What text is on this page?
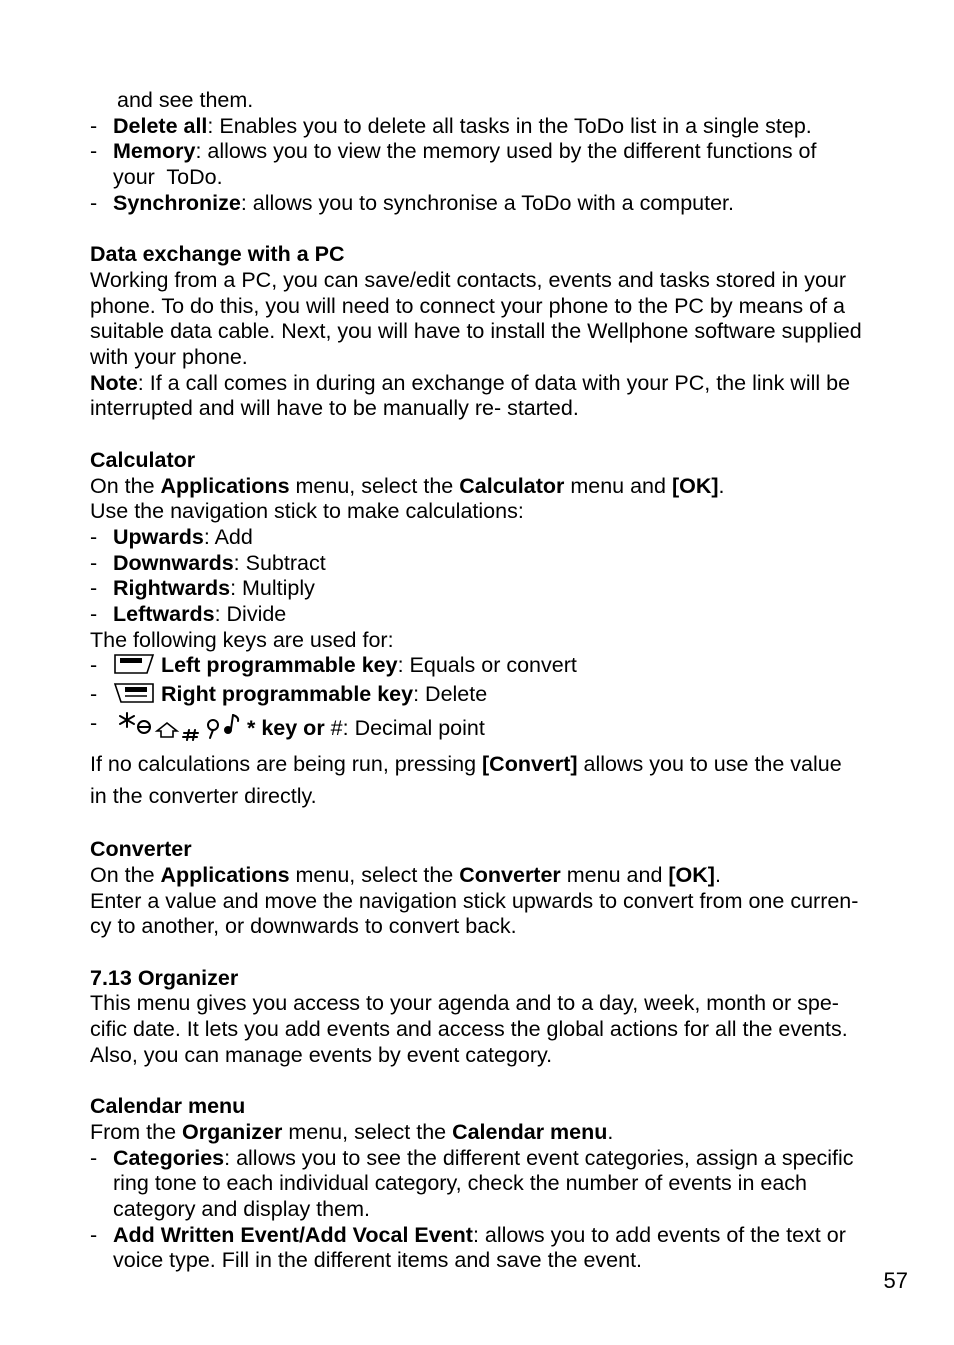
and see them.
- Delete all: Enables you to delete all tasks in the ToDo list in a single step.
- Memory: allows you to view the memory used by the different functions of
your  ToDo.
- Synchronize: allows you to synchronise a ToDo with a computer.
Data exchange with a PC
Working from a PC, you can save/edit contacts, events and tasks stored in your
phone. To do this, you will need to connect your phone to the PC by means of a
suitable data cable. Next, you will have to install the Wellphone software supplied
with your phone.
Note: If a call comes in during an exchange of data with your PC, the link will be
interrupted and will have to be manually re- started.
Calculator
On the Applications menu, select the Calculator menu and [OK].
Use the navigation stick to make calculations:
- Upwards: Add
- Downwards: Subtract
- Rightwards: Multiply
- Leftwards: Divide
The following keys are used for:
-	Left programmable key: Equals or convert
-	Right programmable key: Delete
-	* key or #: Decimal point
If no calculations are being run, pressing [Convert] allows you to use the value
in the converter directly.
Converter
On the Applications menu, select the Converter menu and [OK].
Enter a value and move the navigation stick upwards to convert from one curren-
cy to another, or downwards to convert back.
7.13 Organizer
This menu gives you access to your agenda and to a day, week, month or spe-
cific date. It lets you add events and access the global actions for all the events.
Also, you can manage events by event category.
Calendar menu
From the Organizer menu, select the Calendar menu.
- Categories: allows you to see the different event categories, assign a specific
ring tone to each individual category, check the number of events in each
category and display them.
- Add Written Event/Add Vocal Event: allows you to add events of the text or
voice type. Fill in the different items and save the event.
57
